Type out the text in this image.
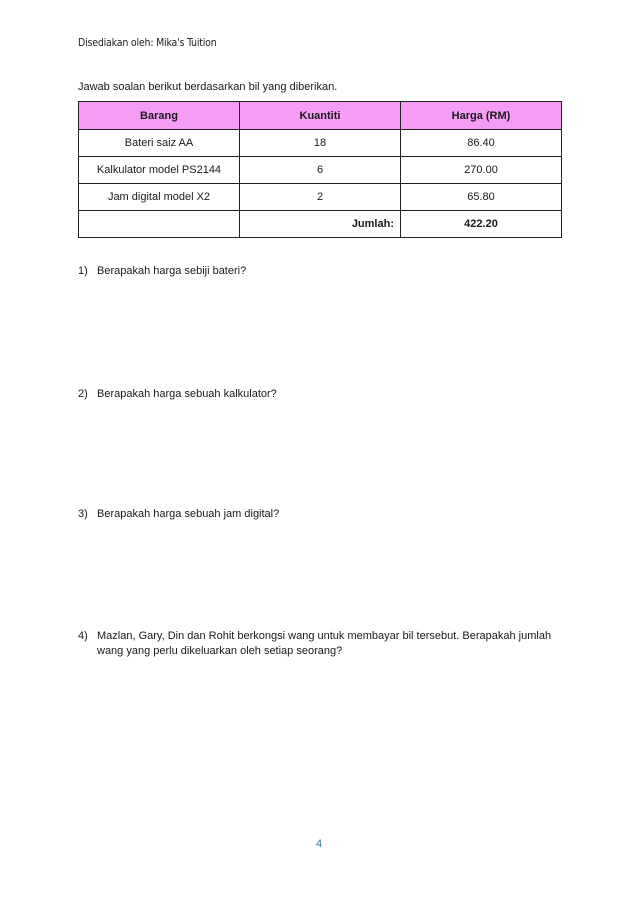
Disediakan oleh: Mika's Tuition
Jawab soalan berikut berdasarkan bil yang diberikan.
Barang	Kuantiti	Harga (RM)
Bateri saiz AA	18	86.40
Kalkulator model PS2144	6	270.00
Jam digital model X2	2	65.80
	Jumlah:	422.20
1) Berapakah harga sebiji bateri?
2) Berapakah harga sebuah kalkulator?
3) Berapakah harga sebuah jam digital?
4) Mazlan, Gary, Din dan Rohit berkongsi wang untuk membayar bil tersebut. Berapakah jumlah wang yang perlu dikeluarkan oleh setiap seorang?
4
